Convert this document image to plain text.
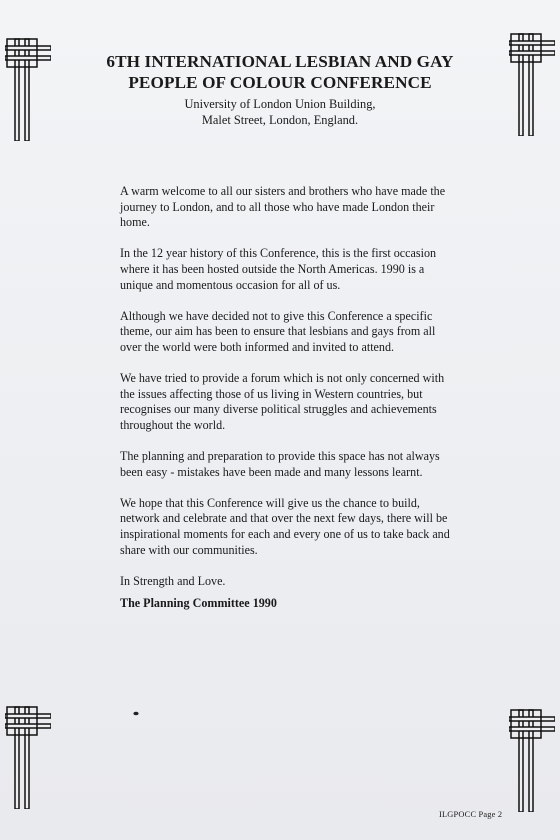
6TH INTERNATIONAL LESBIAN AND GAY PEOPLE OF COLOUR CONFERENCE
University of London Union Building,
Malet Street, London, England.

A warm welcome to all our sisters and brothers who have made the journey to London, and to all those who have made London their home.

In the 12 year history of this Conference, this is the first occasion where it has been hosted outside the North Americas. 1990 is a unique and momentous occasion for all of us.

Although we have decided not to give this Conference a specific theme, our aim has been to ensure that lesbians and gays from all over the world were both informed and invited to attend.

We have tried to provide a forum which is not only concerned with the issues affecting those of us living in Western countries, but recognises our many diverse political struggles and achievements throughout the world.

The planning and preparation to provide this space has not always been easy - mistakes have been made and many lessons learnt.

We hope that this Conference will give us the chance to build, network and celebrate and that over the next few days, there will be inspirational moments for each and every one of us to take back and share with our communities.

In Strength and Love.
The Planning Committee 1990
ILGPOCC Page 2
